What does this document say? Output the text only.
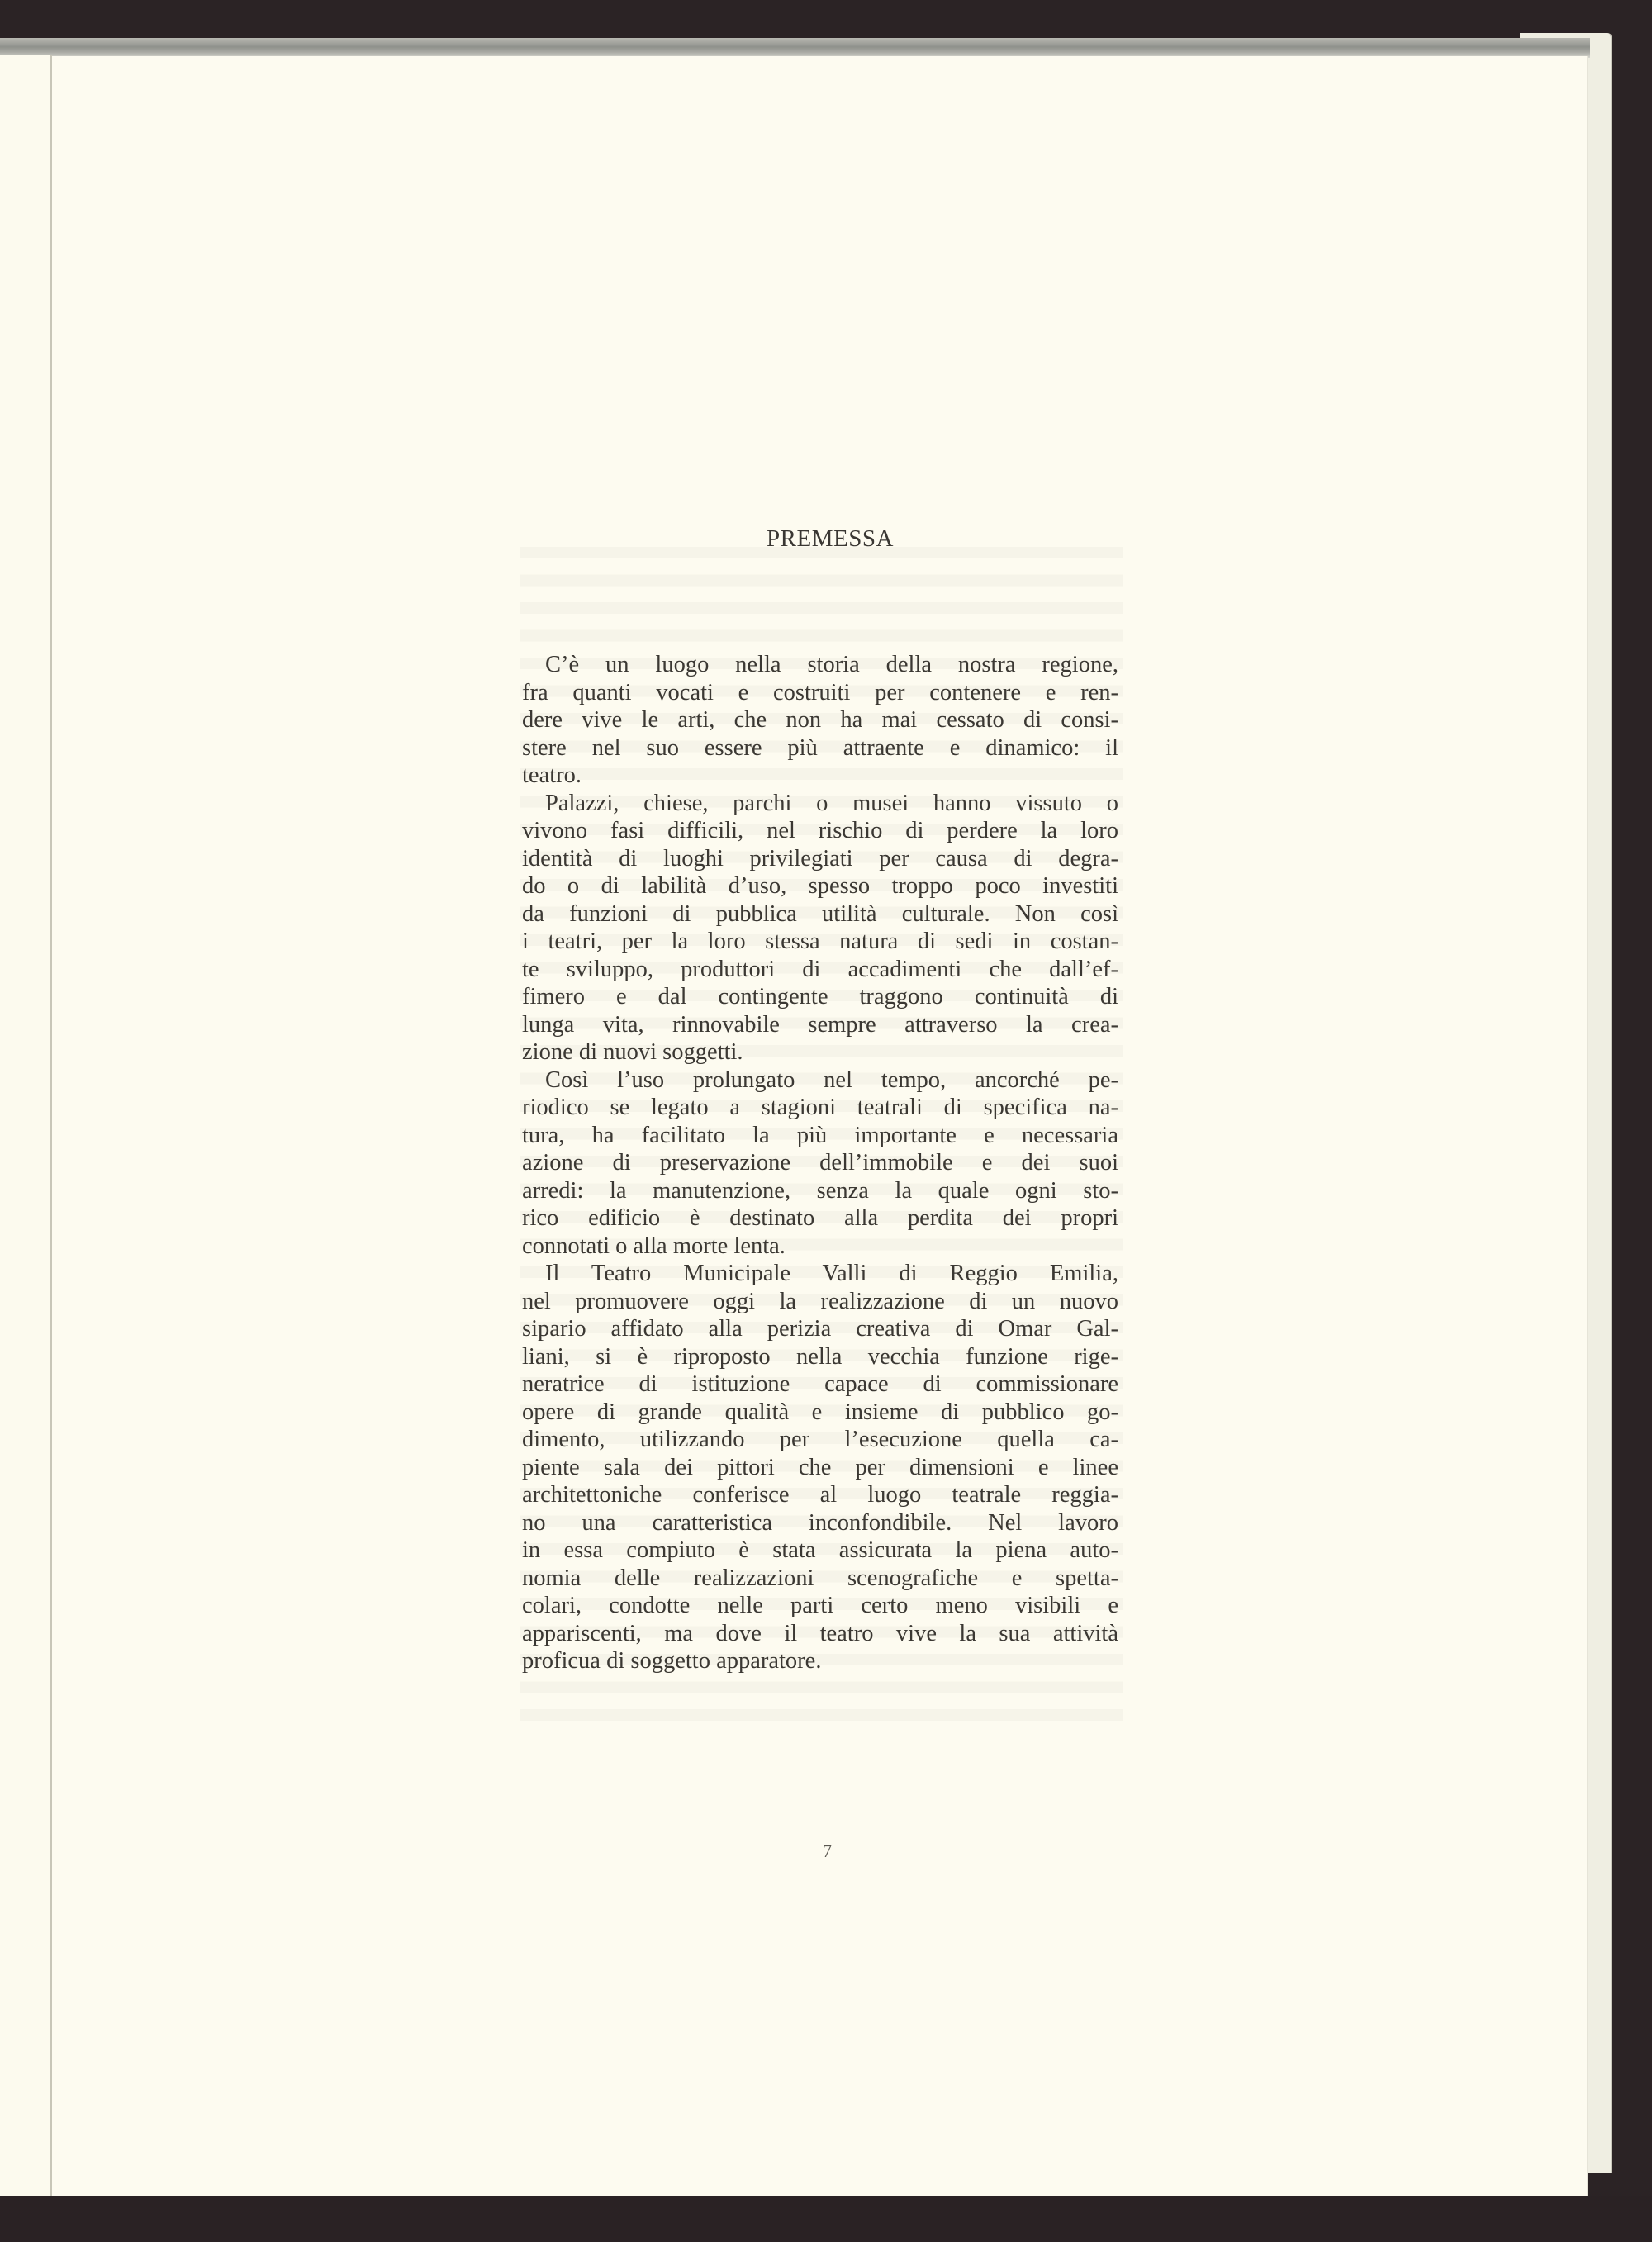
PREMESSA
C’è un luogo nella storia della nostra regione,
fra quanti vocati e costruiti per contenere e ren-
dere vive le arti, che non ha mai cessato di consi-
stere nel suo essere più attraente e dinamico: il
teatro.
Palazzi, chiese, parchi o musei hanno vissuto o
vivono fasi difficili, nel rischio di perdere la loro
identità di luoghi privilegiati per causa di degra-
do o di labilità d’uso, spesso troppo poco investiti
da funzioni di pubblica utilità culturale. Non così
i teatri, per la loro stessa natura di sedi in costan-
te sviluppo, produttori di accadimenti che dall’ef-
fimero e dal contingente traggono continuità di
lunga vita, rinnovabile sempre attraverso la crea-
zione di nuovi soggetti.
Così l’uso prolungato nel tempo, ancorché pe-
riodico se legato a stagioni teatrali di specifica na-
tura, ha facilitato la più importante e necessaria
azione di preservazione dell’immobile e dei suoi
arredi: la manutenzione, senza la quale ogni sto-
rico edificio è destinato alla perdita dei propri
connotati o alla morte lenta.
Il Teatro Municipale Valli di Reggio Emilia,
nel promuovere oggi la realizzazione di un nuovo
sipario affidato alla perizia creativa di Omar Gal-
liani, si è riproposto nella vecchia funzione rige-
neratrice di istituzione capace di commissionare
opere di grande qualità e insieme di pubblico go-
dimento, utilizzando per l’esecuzione quella ca-
piente sala dei pittori che per dimensioni e linee
architettoniche conferisce al luogo teatrale reggia-
no una caratteristica inconfondibile. Nel lavoro
in essa compiuto è stata assicurata la piena auto-
nomia delle realizzazioni scenografiche e spetta-
colari, condotte nelle parti certo meno visibili e
appariscenti, ma dove il teatro vive la sua attività
proficua di soggetto apparatore.
7
